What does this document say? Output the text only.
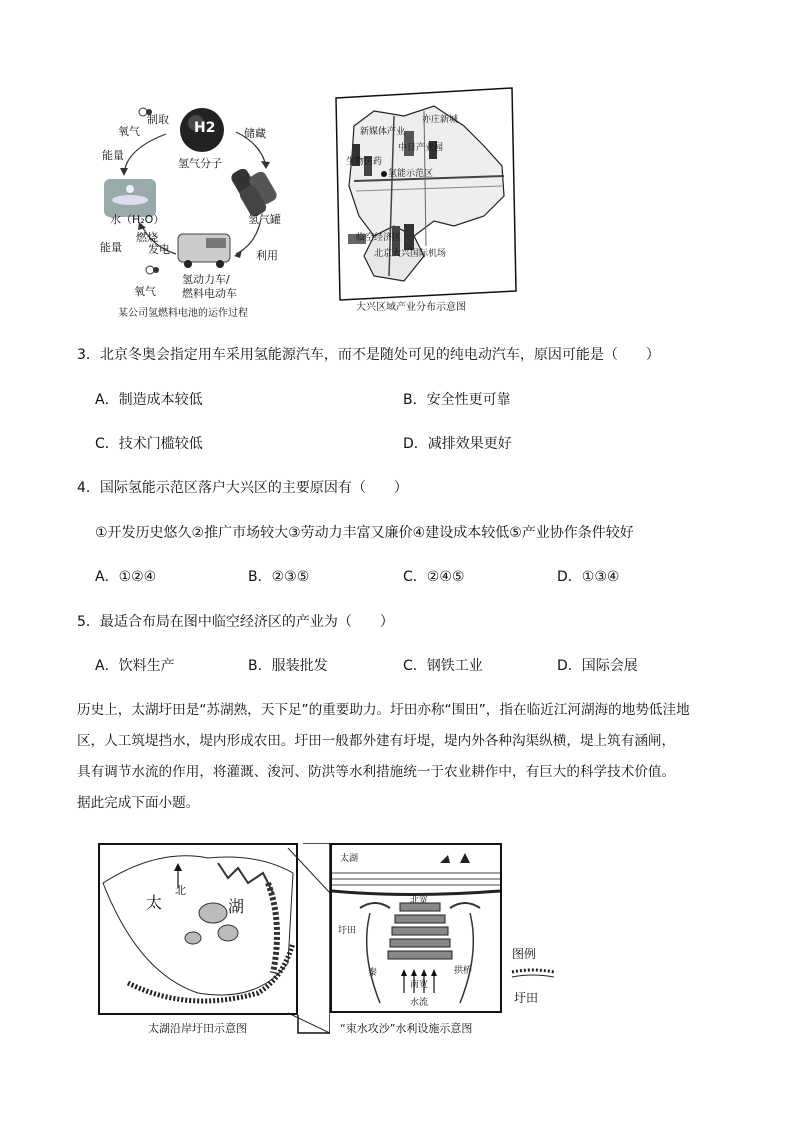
H2
氢气分子
制取
氧气
能量
储藏
水（H₂O）	氢气罐
利用
燃烧
发电
能量
氧气
氢动力车/
燃料电动车
某公司氢燃料电池的运作过程
新媒体产业
亦庄新城
中日产业园
生物医药
氢能示范区
临空经济区
北京大兴国际机场
大兴区域产业分布示意图
3．北京冬奥会指定用车采用氢能源汽车，而不是随处可见的纯电动汽车，原因可能是（　　）
A．制造成本较低	B．安全性更可靠
C．技术门槛较低	D．减排效果更好
4．国际氢能示范区落户大兴区的主要原因有（　　）
①开发历史悠久②推广市场较大③劳动力丰富又廉价④建设成本较低⑤产业协作条件较好
A．①②④	B．②③⑤	C．②④⑤	D．①③④
5．最适合布局在图中临空经济区的产业为（　　）
A．饮料生产	B．服装批发	C．钢铁工业	D．国际会展
历史上，太湖圩田是“苏湖熟，天下足”的重要助力。圩田亦称“围田”，指在临近江河湖海的地势低洼地
区，人工筑堤挡水，堤内形成农田。圩田一般都外建有圩堤，堤内外各种沟渠纵横，堤上筑有涵闸，
具有调节水流的作用，将灌溉、浚河、防洪等水利措施统一于农业耕作中，有巨大的科学技术价值。
据此完成下面小题。
北
太	湖
太湖沿岸圩田示意图
太湖
北宽
圩田
秦	拱桥
南宽
水流
“束水攻沙”水利设施示意图
图例
圩田
